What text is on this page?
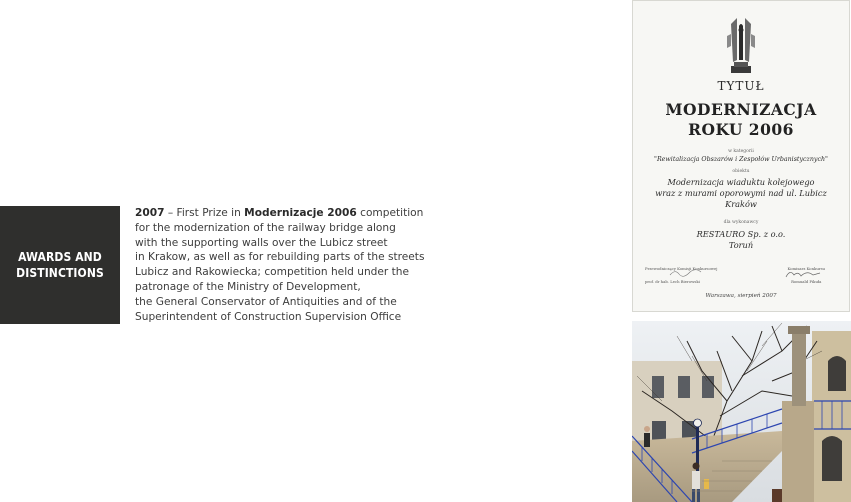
AWARDS AND
DISTINCTIONS

2007 – First Prize in Modernizacje 2006 competition
for the modernization of the railway bridge along
with the supporting walls over the Lubicz street
in Krakow, as well as for rebuilding parts of the streets
Lubicz and Rakowiecka; competition held under the
patronage of the Ministry of Development,
the General Conservator of Antiquities and of the
Superintendent of Construction Supervision Office

TYTUŁ
MODERNIZACJA
ROKU 2006
w kategorii
"Rewitalizacja Obszarów i Zespołów Urbanistycznych"
obiektu
Modernizacja wiaduktu kolejowego
wraz z murami oporowymi nad ul. Lubicz
Kraków
dla wykonawcy
RESTAURO Sp. z o.o.
Toruń
Przewodniczący Komisji Konkursowej

prof. dr hab. Lech Bierowski
Komisarz Konkursu

Romuald Pikuła
Warszawa, sierpień 2007
